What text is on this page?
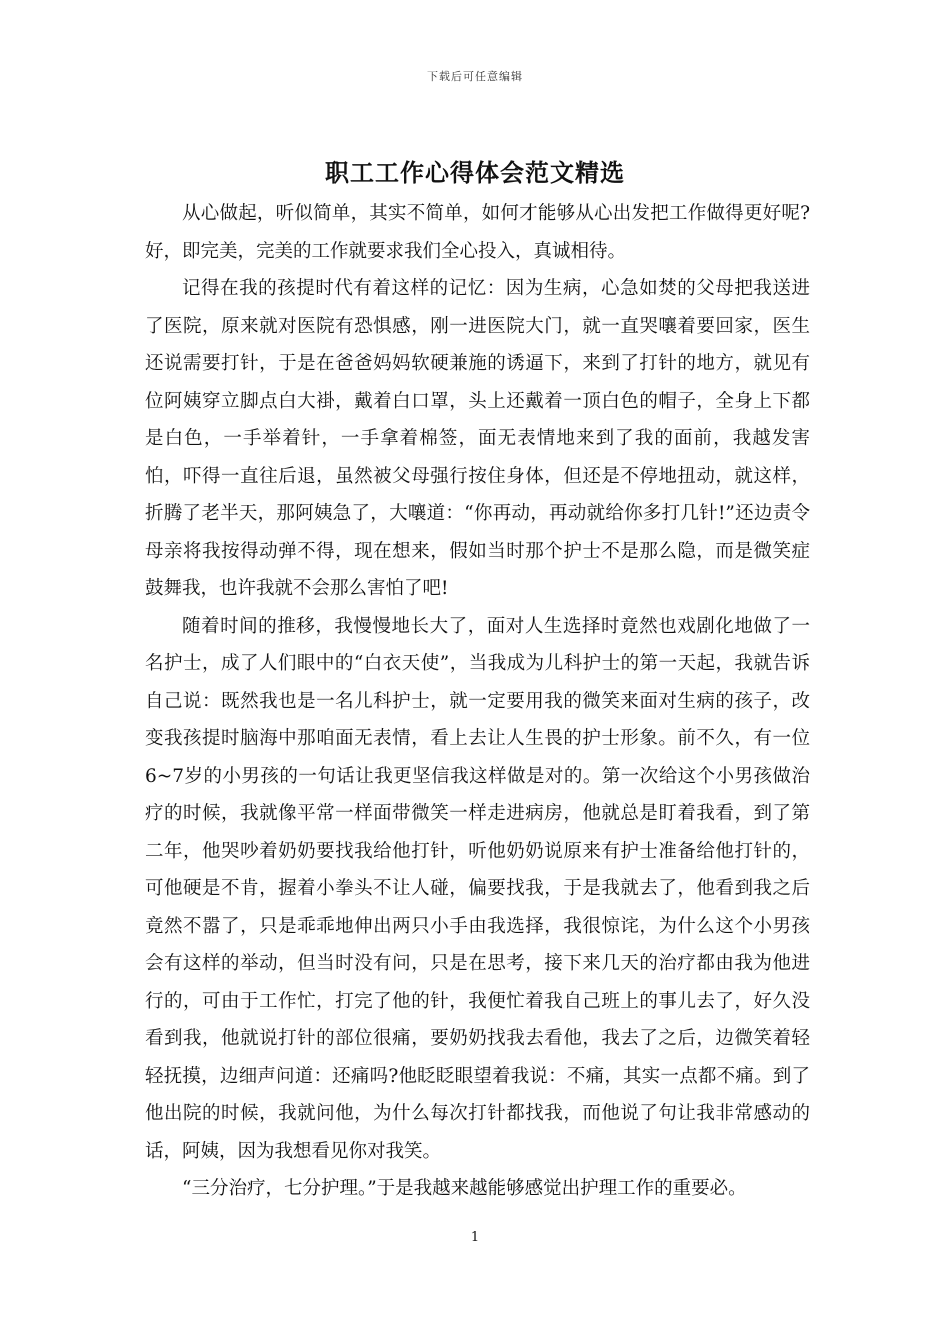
下载后可任意编辑
职工工作心得体会范文精选

从心做起，听似简单，其实不简单，如何才能够从心出发把工作做得更好呢?好，即完美，完美的工作就要求我们全心投入，真诚相待。

记得在我的孩提时代有着这样的记忆：因为生病，心急如焚的父母把我送进了医院，原来就对医院有恐惧感，刚一进医院大门，就一直哭嚷着要回家，医生还说需要打针，于是在爸爸妈妈软硬兼施的诱逼下，来到了打针的地方，就见有位阿姨穿立脚点白大褂，戴着白口罩，头上还戴着一顶白色的帽子，全身上下都是白色，一手举着针，一手拿着棉签，面无表情地来到了我的面前，我越发害怕，吓得一直往后退，虽然被父母强行按住身体，但还是不停地扭动，就这样，折腾了老半天，那阿姨急了，大嚷道：“你再动，再动就给你多打几针!”还边责令母亲将我按得动弹不得，现在想来，假如当时那个护士不是那么隐，而是微笑症鼓舞我，也许我就不会那么害怕了吧!

随着时间的推移，我慢慢地长大了，面对人生选择时竟然也戏剧化地做了一名护士，成了人们眼中的“白衣天使”，当我成为儿科护士的第一天起，我就告诉自己说：既然我也是一名儿科护士，就一定要用我的微笑来面对生病的孩子，改变我孩提时脑海中那咱面无表情，看上去让人生畏的护士形象。前不久，有一位6~7岁的小男孩的一句话让我更坚信我这样做是对的。第一次给这个小男孩做治疗的时候，我就像平常一样面带微笑一样走进病房，他就总是盯着我看，到了第二年，他哭吵着奶奶要找我给他打针，听他奶奶说原来有护士准备给他打针的，可他硬是不肯，握着小拳头不让人碰，偏要找我，于是我就去了，他看到我之后竟然不嚣了，只是乖乖地伸出两只小手由我选择，我很惊诧，为什么这个小男孩会有这样的举动，但当时没有问，只是在思考，接下来几天的治疗都由我为他进行的，可由于工作忙，打完了他的针，我便忙着我自己班上的事儿去了，好久没看到我，他就说打针的部位很痛，要奶奶找我去看他，我去了之后，边微笑着轻轻抚摸，边细声问道：还痛吗?他眨眨眼望着我说：不痛，其实一点都不痛。到了他出院的时候，我就问他，为什么每次打针都找我，而他说了句让我非常感动的话，阿姨，因为我想看见你对我笑。

“三分治疗，七分护理。”于是我越来越能够感觉出护理工作的重要必。

1
